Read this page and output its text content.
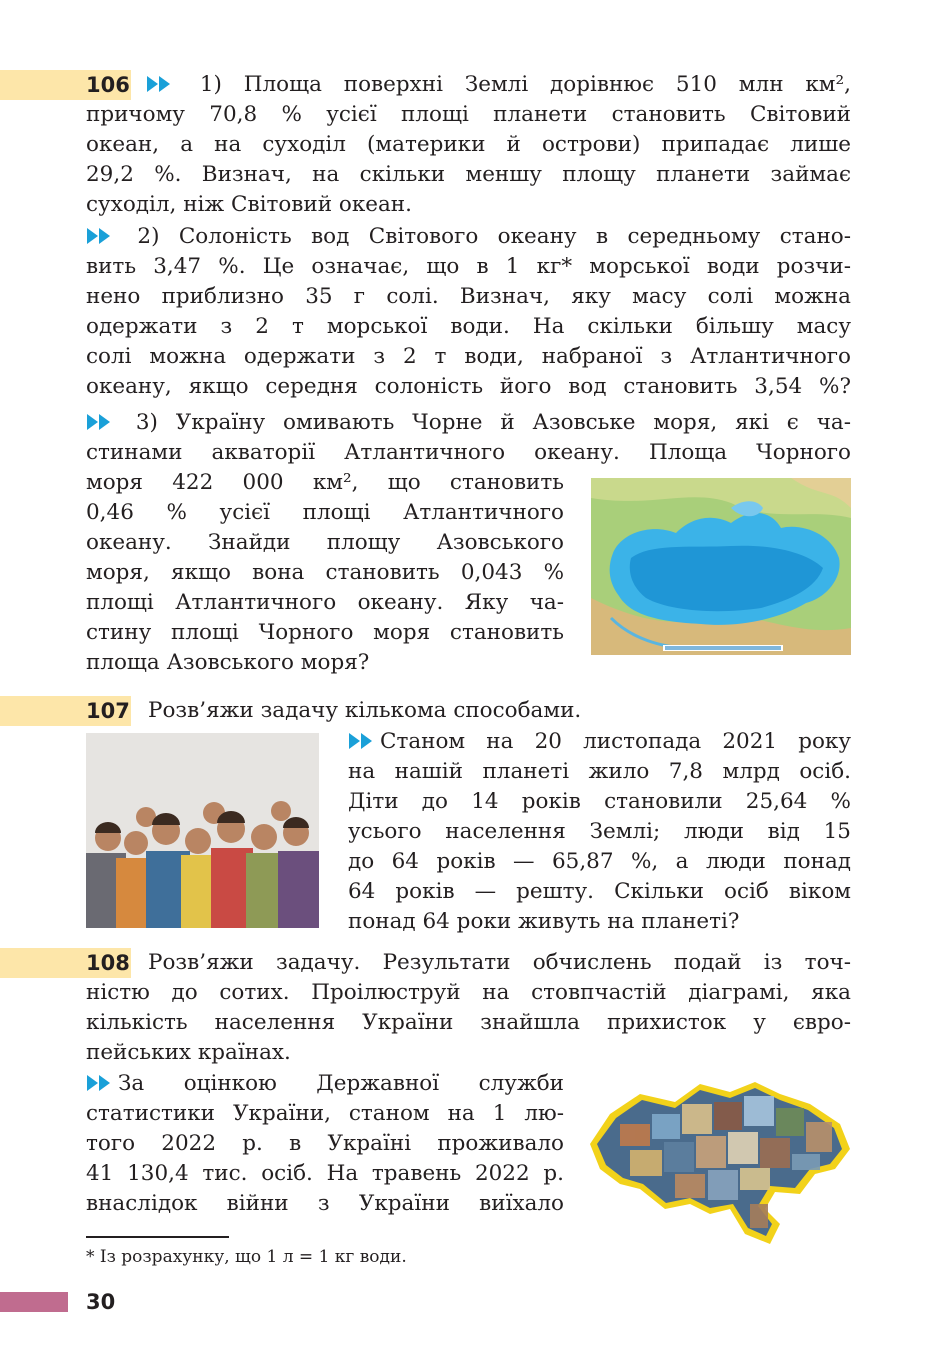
106	1) Площа поверхні Землі дорівнює 510 млн км²,
причому 70,8 % усієї площі планети становить Світовий
океан, а на суходіл (материки й острови) припадає лише
29,2 %. Визнач, на скільки меншу площу планети займає
суходіл, ніж Світовий океан.
2) Солоність вод Світового океану в середньому стано-
вить 3,47 %. Це означає, що в 1 кг* морської води розчи-
нено приблизно 35 г солі. Визнач, яку масу солі можна
одержати з 2 т морської води. На скільки більшу масу
солі можна одержати з 2 т води, набраної з Атлантичного
океану, якщо середня солоність його вод становить 3,54 %?
3) Україну омивають Чорне й Азовське моря, які є ча-
стинами акваторії Атлантичного океану. Площа Чорного
моря 422 000 км², що становить
0,46 % усієї площі Атлантичного
океану. Знайди площу Азовського
моря, якщо вона становить 0,043 %
площі Атлантичного океану. Яку ча-
стину площі Чорного моря становить
площа Азовського моря?
107 Розв’яжи задачу кількома способами.
Станом на 20 листопада 2021 року
на нашій планеті жило 7,8 млрд осіб.
Діти до 14 років становили 25,64 %
усього населення Землі; люди від 15
до 64 років — 65,87 %, а люди понад
64 років — решту. Скільки осіб віком
понад 64 роки живуть на планеті?
108 Розв’яжи задачу. Результати обчислень подай із точ-
ністю до сотих. Проілюструй на стовпчастій діаграмі, яка
кількість населення України знайшла прихисток у євро-
пейських країнах.
За оцінкою Державної служби
статистики України, станом на 1 лю-
того 2022 р. в Україні проживало
41 130,4 тис. осіб. На травень 2022 р.
внаслідок війни з України виїхало
* Із розрахунку, що 1 л = 1 кг води.
30
